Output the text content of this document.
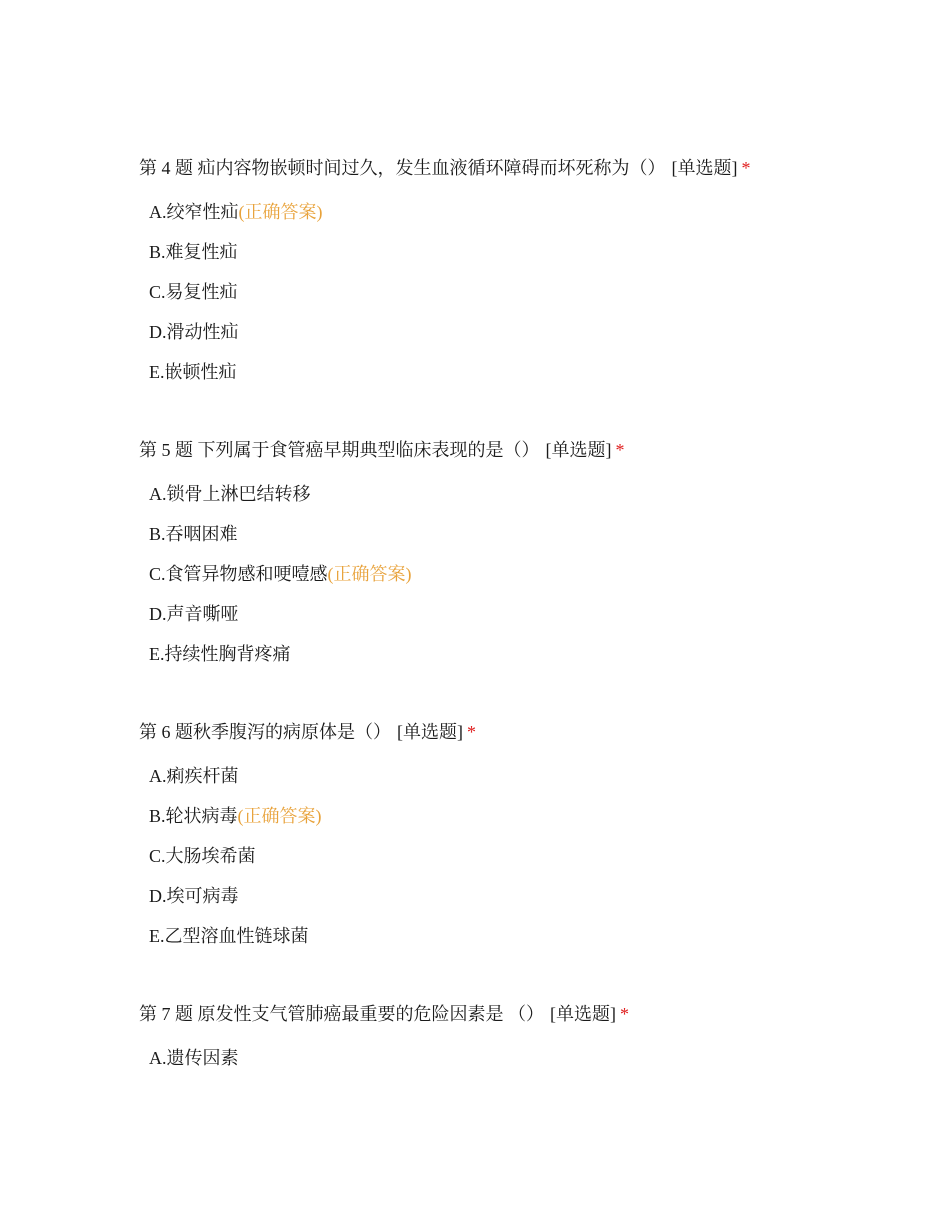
第 4 题 疝内容物嵌顿时间过久，发生血液循环障碍而坏死称为（） [单选题] *

A.绞窄性疝(正确答案)
B.难复性疝
C.易复性疝
D.滑动性疝
E.嵌顿性疝

第 5 题 下列属于食管癌早期典型临床表现的是（） [单选题] *

A.锁骨上淋巴结转移
B.吞咽困难
C.食管异物感和哽噎感(正确答案)
D.声音嘶哑
E.持续性胸背疼痛

第 6 题秋季腹泻的病原体是（） [单选题] *

A.痢疾杆菌
B.轮状病毒(正确答案)
C.大肠埃希菌
D.埃可病毒
E.乙型溶血性链球菌

第 7 题 原发性支气管肺癌最重要的危险因素是 （） [单选题] *

A.遗传因素
